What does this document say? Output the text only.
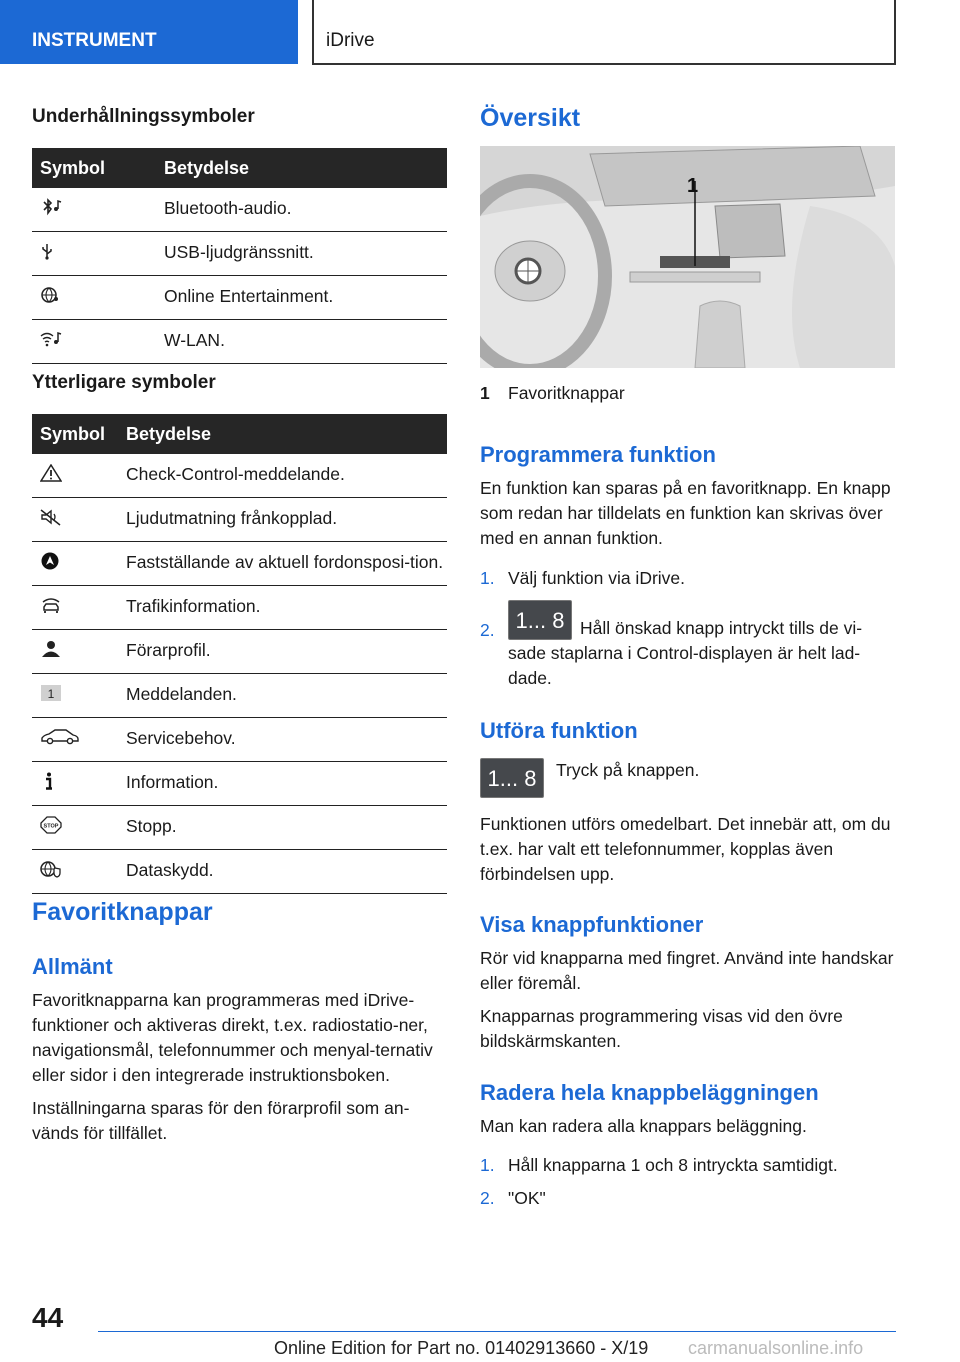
INSTRUMENT	iDrive
Underhållningssymboler
Symbol	Betydelse
	Bluetooth-audio.
	USB-ljudgränssnitt.
	Online Entertainment.
	W-LAN.
Ytterligare symboler
Symbol	Betydelse
	Check-Control-meddelande.
	Ljudutmatning frånkopplad.
	Fastställande av aktuell fordonsposi-tion.
	Trafikinformation.
	Förarprofil.

1	Meddelanden.
	Servicebehov.
	Information.

STOP	Stopp.
	Dataskydd.
Favoritknappar
Allmänt

Favoritknapparna kan programmeras med iDrive-funktioner och aktiveras direkt, t.ex. radiostatio-ner, navigationsmål, telefonnummer och menyal-ternativ eller sidor i den integrerade instruktionsboken.

Inställningarna sparas för den förarprofil som an-vänds för tillfället.

Översikt
1
1 Favoritknappar
Programmera funktion

En funktion kan sparas på en favoritknapp. En knapp som redan har tilldelats en funktion kan skrivas över med en annan funktion.

1. Välj funktion via iDrive.
2. 1... 8 Håll önskad knapp intryckt tills de vi-sade staplarna i Control-displayen är helt lad-dade.
Utföra funktion
1... 8	Tryck på knappen.

Funktionen utförs omedelbart. Det innebär att, om du t.ex. har valt ett telefonnummer, kopplas även förbindelsen upp.

Visa knappfunktioner

Rör vid knapparna med fingret. Använd inte handskar eller föremål.

Knapparnas programmering visas vid den övre bildskärmskanten.

Radera hela knappbeläggningen

Man kan radera alla knappars beläggning.

1. Håll knapparna 1 och 8 intryckta samtidigt.
2. "OK"
44
Online Edition for Part no. 01402913660 - X/19 carmanualsonline.info
